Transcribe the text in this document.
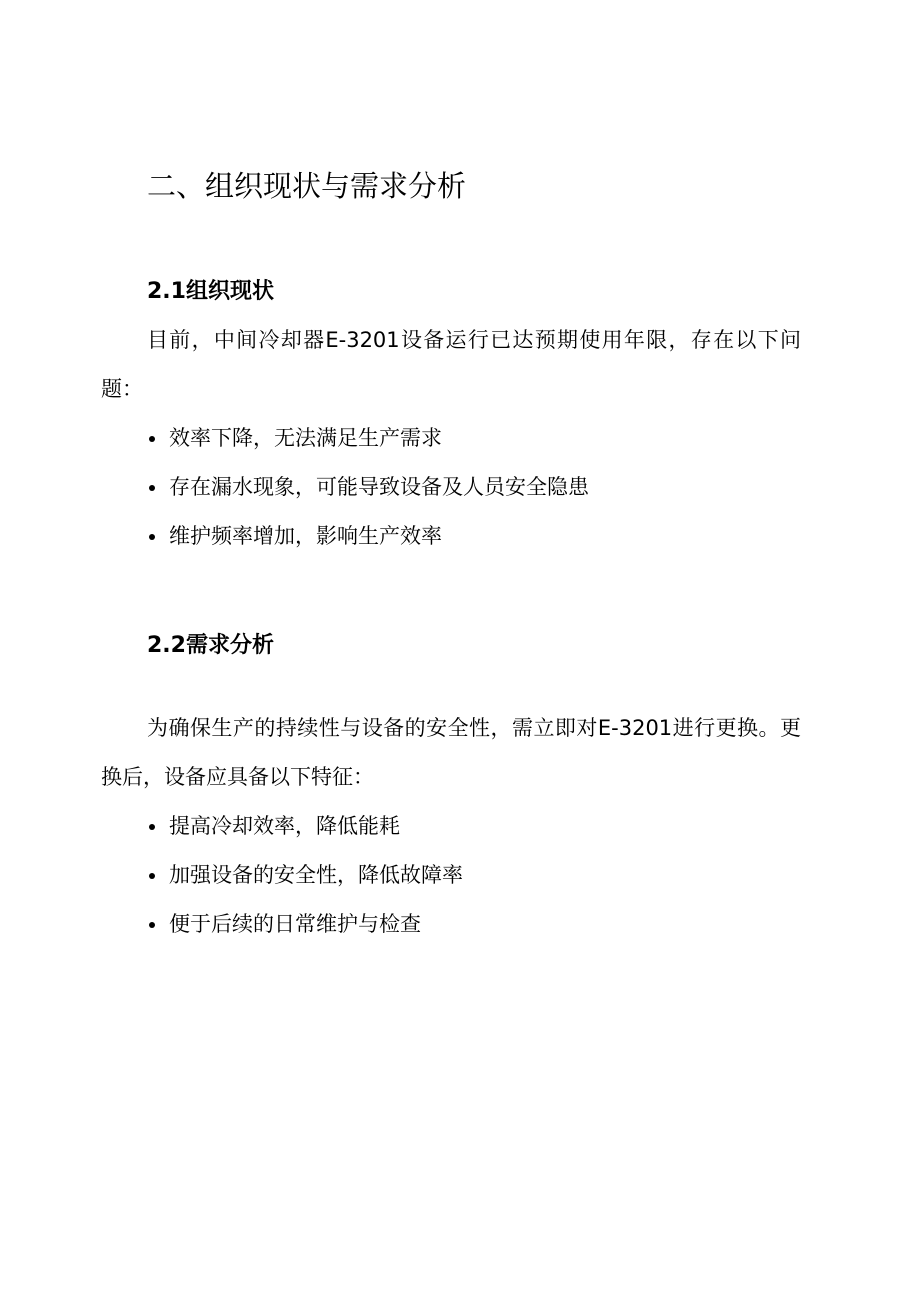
二、组织现状与需求分析
2.1组织现状

目前，中间冷却器E-3201设备运行已达预期使用年限，存在以下问题：

效率下降，无法满足生产需求
存在漏水现象，可能导致设备及人员安全隐患
维护频率增加，影响生产效率
2.2需求分析

为确保生产的持续性与设备的安全性，需立即对E-3201进行更换。更换后，设备应具备以下特征：

提高冷却效率，降低能耗
加强设备的安全性，降低故障率
便于后续的日常维护与检查
